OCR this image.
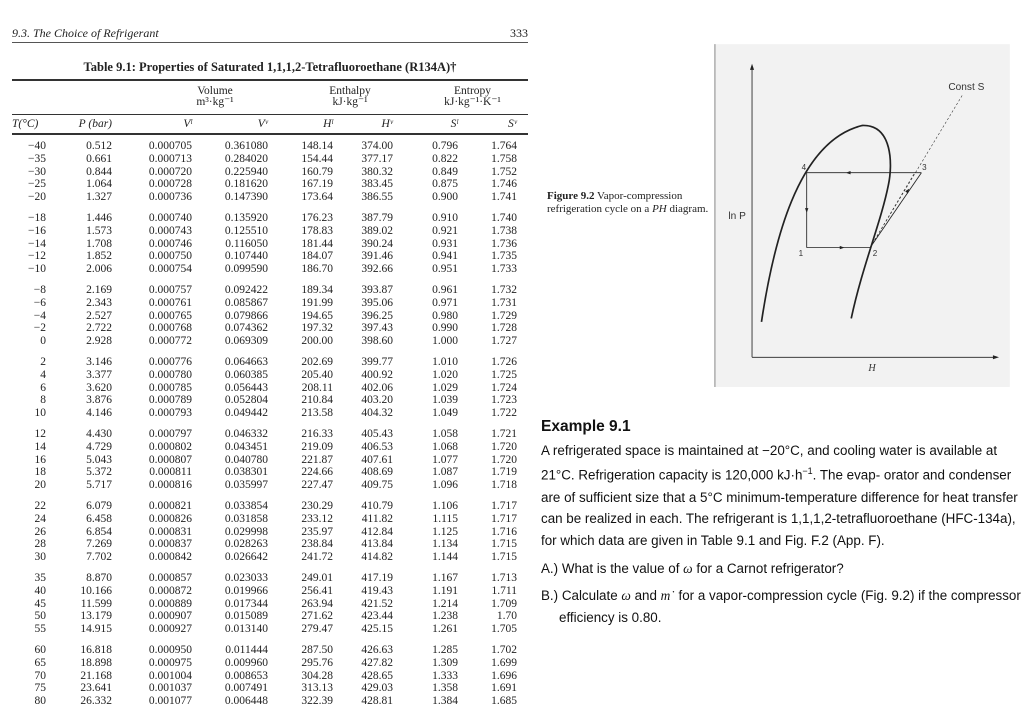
9.3. The Choice of Refrigerant	333
Table 9.1: Properties of Saturated 1,1,1,2-Tetrafluoroethane (R134A)†
Volume
m³·kg⁻¹
Enthalpy
kJ·kg⁻¹
Entropy
kJ·kg⁻¹·K⁻¹
T(°C)	P (bar)	Vˡ	Vᵛ	Hˡ	Hᵛ	Sˡ	Sᵛ
−40	0.512	0.000705	0.361080	148.14	374.00	0.796	1.764
−35	0.661	0.000713	0.284020	154.44	377.17	0.822	1.758
−30	0.844	0.000720	0.225940	160.79	380.32	0.849	1.752
−25	1.064	0.000728	0.181620	167.19	383.45	0.875	1.746
−20	1.327	0.000736	0.147390	173.64	386.55	0.900	1.741
−18	1.446	0.000740	0.135920	176.23	387.79	0.910	1.740
−16	1.573	0.000743	0.125510	178.83	389.02	0.921	1.738
−14	1.708	0.000746	0.116050	181.44	390.24	0.931	1.736
−12	1.852	0.000750	0.107440	184.07	391.46	0.941	1.735
−10	2.006	0.000754	0.099590	186.70	392.66	0.951	1.733
−8	2.169	0.000757	0.092422	189.34	393.87	0.961	1.732
−6	2.343	0.000761	0.085867	191.99	395.06	0.971	1.731
−4	2.527	0.000765	0.079866	194.65	396.25	0.980	1.729
−2	2.722	0.000768	0.074362	197.32	397.43	0.990	1.728
0	2.928	0.000772	0.069309	200.00	398.60	1.000	1.727
2	3.146	0.000776	0.064663	202.69	399.77	1.010	1.726
4	3.377	0.000780	0.060385	205.40	400.92	1.020	1.725
6	3.620	0.000785	0.056443	208.11	402.06	1.029	1.724
8	3.876	0.000789	0.052804	210.84	403.20	1.039	1.723
10	4.146	0.000793	0.049442	213.58	404.32	1.049	1.722
12	4.430	0.000797	0.046332	216.33	405.43	1.058	1.721
14	4.729	0.000802	0.043451	219.09	406.53	1.068	1.720
16	5.043	0.000807	0.040780	221.87	407.61	1.077	1.720
18	5.372	0.000811	0.038301	224.66	408.69	1.087	1.719
20	5.717	0.000816	0.035997	227.47	409.75	1.096	1.718
22	6.079	0.000821	0.033854	230.29	410.79	1.106	1.717
24	6.458	0.000826	0.031858	233.12	411.82	1.115	1.717
26	6.854	0.000831	0.029998	235.97	412.84	1.125	1.716
28	7.269	0.000837	0.028263	238.84	413.84	1.134	1.715
30	7.702	0.000842	0.026642	241.72	414.82	1.144	1.715
35	8.870	0.000857	0.023033	249.01	417.19	1.167	1.713
40	10.166	0.000872	0.019966	256.41	419.43	1.191	1.711
45	11.599	0.000889	0.017344	263.94	421.52	1.214	1.709
50	13.179	0.000907	0.015089	271.62	423.44	1.238	1.70
55	14.915	0.000927	0.013140	279.47	425.15	1.261	1.705
60	16.818	0.000950	0.011444	287.50	426.63	1.285	1.702
65	18.898	0.000975	0.009960	295.76	427.82	1.309	1.699
70	21.168	0.001004	0.008653	304.28	428.65	1.333	1.696
75	23.641	0.001037	0.007491	313.13	429.03	1.358	1.691
80	26.332	0.001077	0.006448	322.39	428.81	1.384	1.685
Const S
ln P
H
1	2
3
4
Figure 9.2 Vapor-compression refrigeration cycle on a PH diagram.
Example 9.1
A refrigerated space is maintained at −20°C, and cooling water is available at 21°C. Refrigeration capacity is 120,000 $kJ\cdot h^{-1}$. The evap- orator and condenser are of sufficient size that a 5°C minimum-temperature difference for heat transfer can be realized in each. The refrigerant is 1,1,1,2-tetrafluoroethane (HFC-134a), for which data are given in Table 9.1 and Fig. F.2 (App. F).
A.) What is the value of ω for a Carnot refrigerator?
B.) Calculate ω and m˙ for a vapor-compression cycle (Fig. 9.2) if the compressor efficiency is 0.80.
